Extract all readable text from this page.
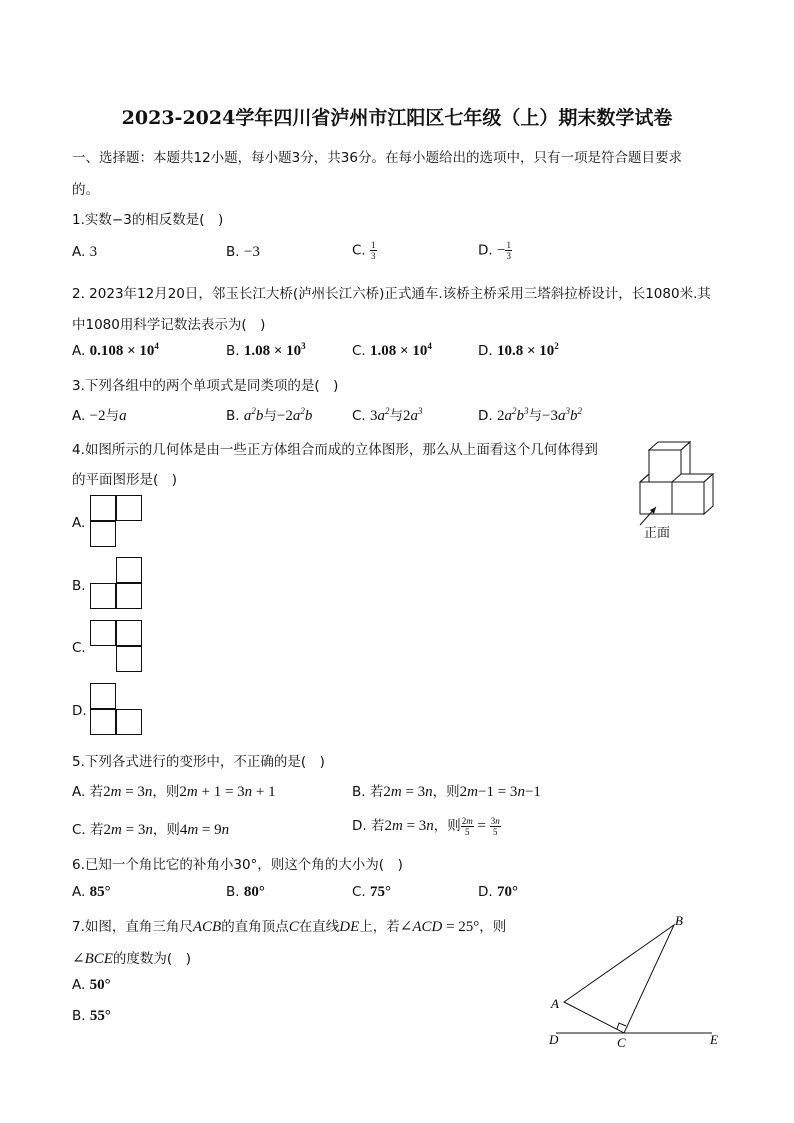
2023-2024学年四川省泸州市江阳区七年级（上）期末数学试卷
一、选择题：本题共12小题，每小题3分，共36分。在每小题给出的选项中，只有一项是符合题目要求
的。
1.实数−3的相反数是(　)
A. 3	B. −3	C. $\frac{1}{3}$	D. − $\frac{1}{3}$
2. 2023年12月20日，邻玉长江大桥(泸州长江六桥)正式通车.该桥主桥采用三塔斜拉桥设计，长1080米.其
中1080用科学记数法表示为(　)
A. $0.108 \times 10^4$	B. $1.08 \times 10^3$	C. $1.08 \times 10^4$	D. $10.8 \times 10^2$
3.下列各组中的两个单项式是同类项的是(　)
A. −2与a	B. $a^2b$与$-2a^2b$	C. $3a^2$与$2a^3$	D. $2a^2b^3$与$-3a^3b^2$
4.如图所示的几何体是由一些正方体组合而成的立体图形，那么从上面看这个几何体得到
的平面图形是(　)
正面
A.
B.
C.
D.
5.下列各式进行的变形中，不正确的是(　)
A. 若2m = 3n，则2m + 1 = 3n + 1	B. 若2m = 3n，则2m−1 = 3n−1
C. 若2m = 3n，则4m = 9n	D. 若2m = 3n，则 $\frac{2m}{5} = \frac{3n}{5}$
6.已知一个角比它的补角小30°，则这个角的大小为(　)
A. 85°	B. 80°	C. 75°	D. 70°
7.如图，直角三角尺ACB的直角顶点C在直线DE上，若∠ACD = 25°，则
∠BCE的度数为(　)
A. 50°
B. 55°
A
B
C
D	E
